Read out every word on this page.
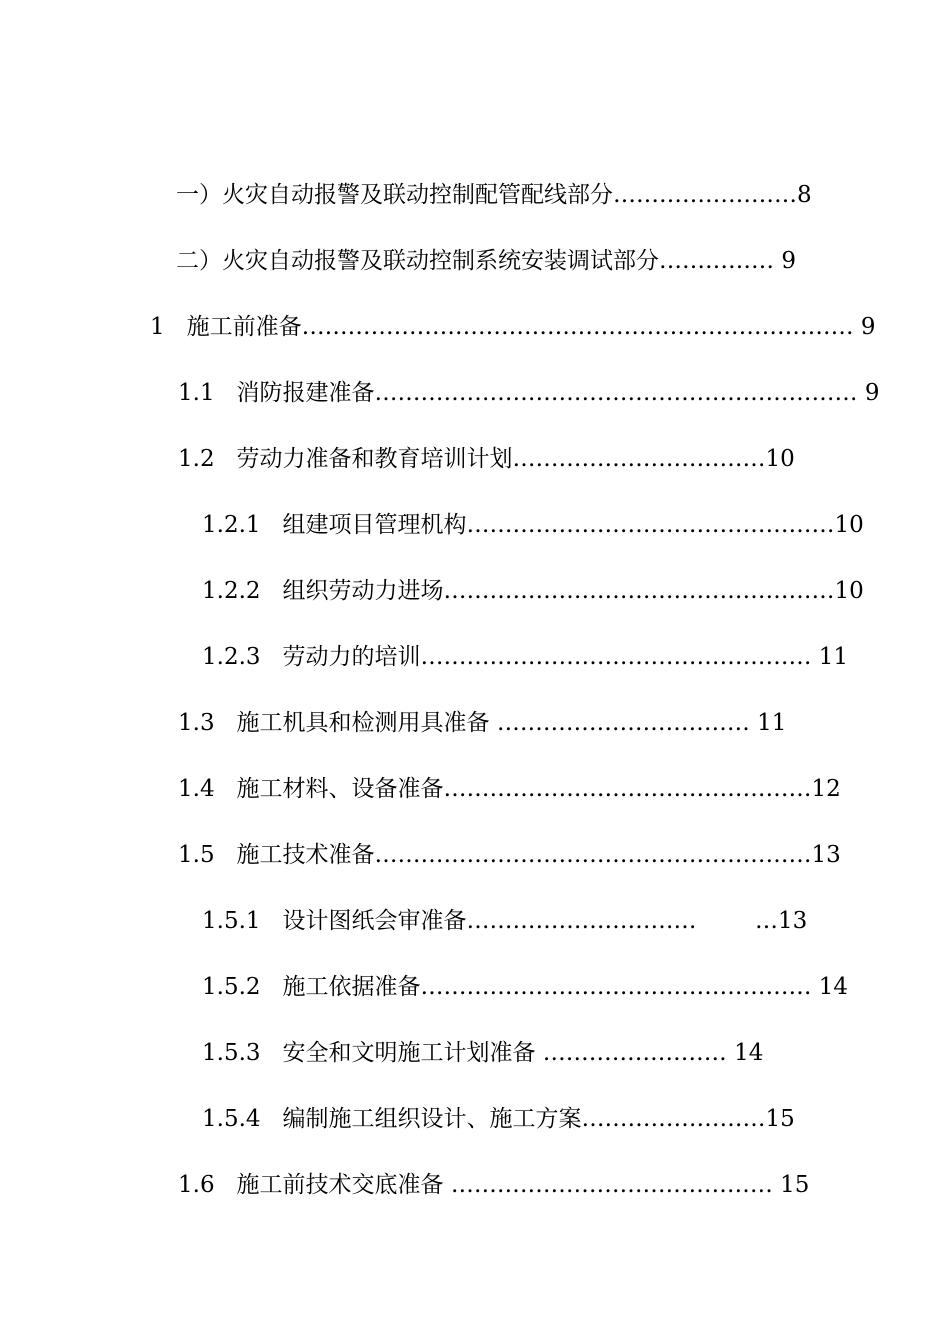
一）火灾自动报警及联动控制配管配线部分……………………8
二）火灾自动报警及联动控制系统安装调试部分…………… 9
1   施工前准备……………………………………………………………… 9
1.1   消防报建准备……………………………………………………… 9
1.2   劳动力准备和教育培训计划……………………………10
1.2.1   组建项目管理机构…………………………………………10
1.2.2   组织劳动力进场……………………………………………10
1.2.3   劳动力的培训…………………………………………… 11
1.3   施工机具和检测用具准备 …………………………… 11
1.4   施工材料、设备准备…………………………………………12
1.5   施工技术准备…………………………………………………13
1.5.1   设计图纸会审准备…………………………        …13
1.5.2   施工依据准备…………………………………………… 14
1.5.3   安全和文明施工计划准备 …………………… 14
1.5.4   编制施工组织设计、施工方案……………………15
1.6   施工前技术交底准备 …………………………………… 15
